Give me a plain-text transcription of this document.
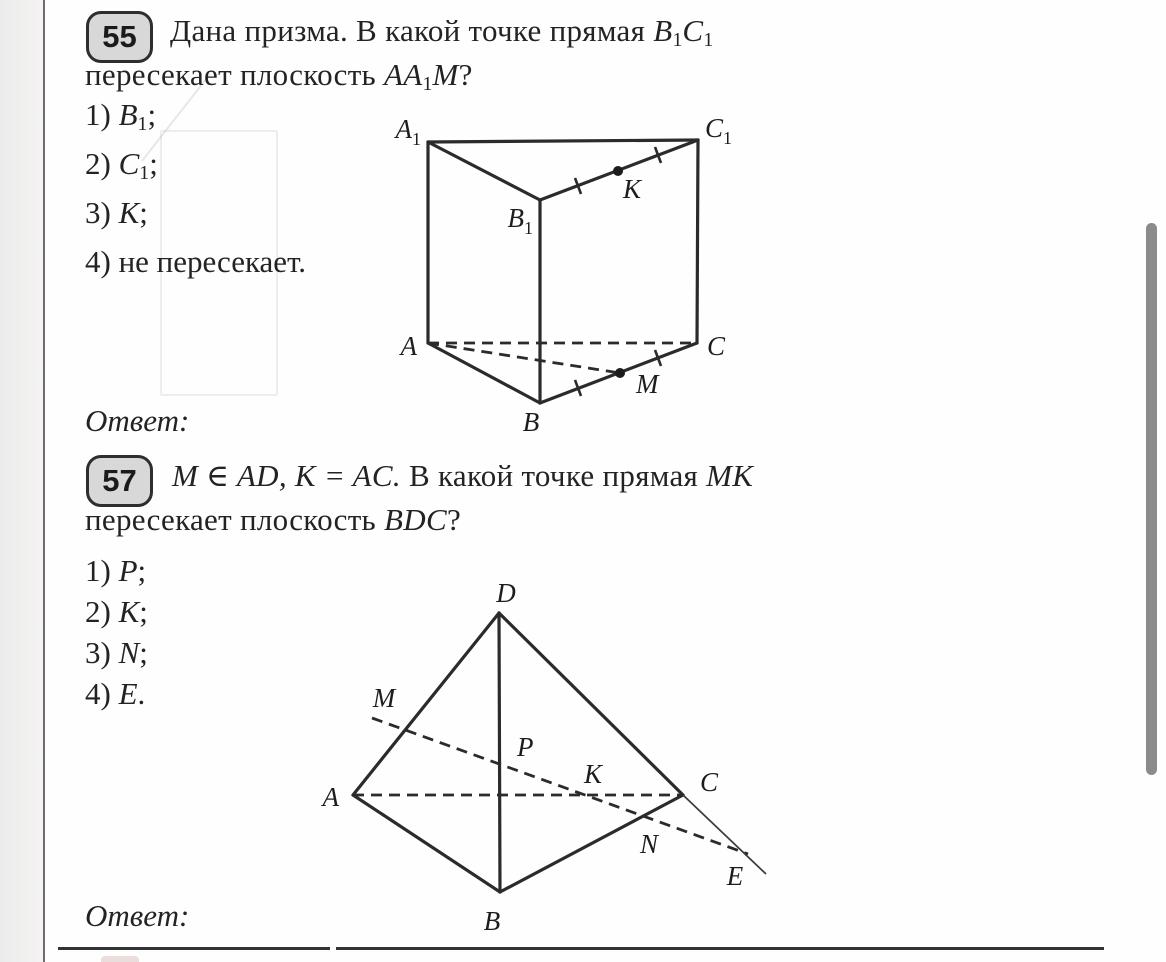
55	Дана призма. В какой точке прямая $B_1C_1$
пересекает плоскость $AA_1M$?
1) $B_1$;
2) $C_1$;
3) K;
4) не пересекает.
Ответ:
$A_1$	$C_1$
$B_1$
K
A	C
B
M
57	M ∈ AD, K = AC. В какой точке прямая MK
пересекает плоскость BDC?
1) P;
2) K;
3) N;
4) E.
Ответ:
D
M
A
P
K	C
N
E
B
